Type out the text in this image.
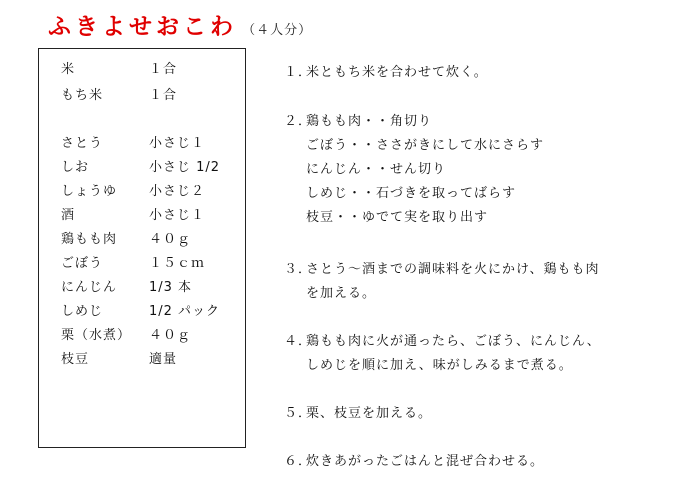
ふきよせおこわ （４人分）
米	１合
もち米	１合
さとう	小さじ１
しお	小さじ 1/2
しょうゆ 小さじ２
酒	小さじ１
鶏もも肉 ４０ｇ
ごぼう	１５ｃｍ
にんじん 1/3 本
しめじ	1/2 パック
栗（水煮） ４０ｇ
枝豆	適量
１．
米ともち米を合わせて炊く。
２．
鶏もも肉・・角切り
ごぼう・・ささがきにして水にさらす
にんじん・・せん切り
しめじ・・石づきを取ってばらす
枝豆・・ゆでて実を取り出す
３．
さとう～酒までの調味料を火にかけ、鶏もも肉
を加える。
４．
鶏もも肉に火が通ったら、ごぼう、にんじん、
しめじを順に加え、味がしみるまで煮る。
５．
栗、枝豆を加える。
６．
炊きあがったごはんと混ぜ合わせる。
